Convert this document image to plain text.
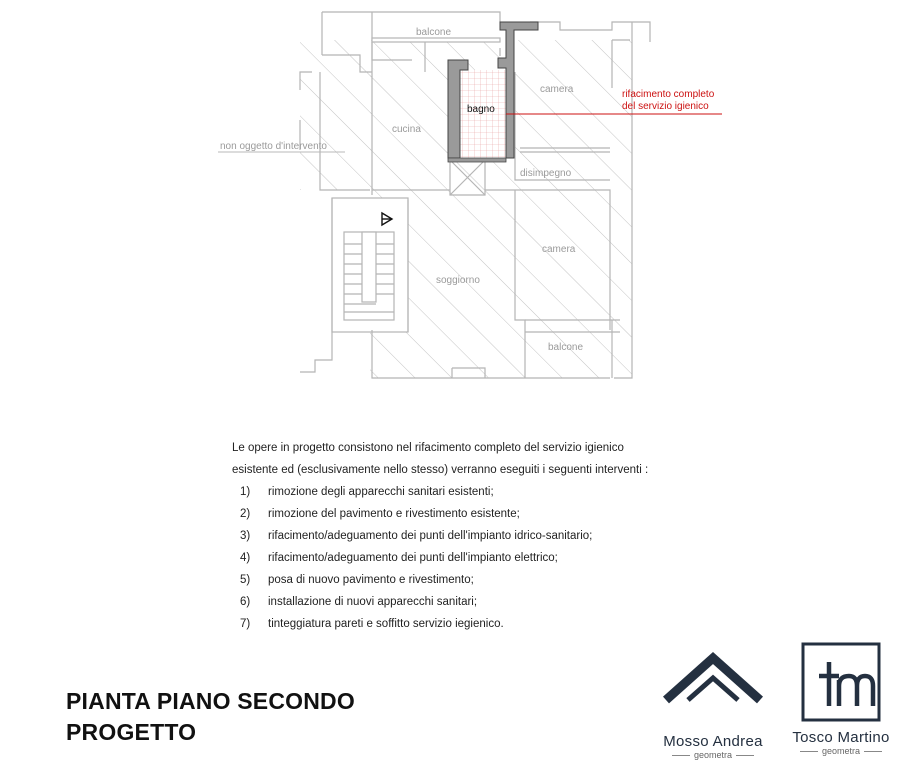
balcone
camera
cucina
disimpegno
camera
soggiorno
balcone
bagno
non oggetto d'intervento
rifacimento completo
del servizio igienico

Le opere in progetto consistono nel rifacimento completo del servizio igienico

esistente ed (esclusivamente nello stesso) verranno eseguiti i seguenti interventi :

1)	rimozione degli apparecchi sanitari esistenti;
2)	rimozione del pavimento e rivestimento esistente;
3)	rifacimento/adeguamento dei punti dell'impianto idrico-sanitario;
4)	rifacimento/adeguamento dei punti dell'impianto elettrico;
5)	posa di nuovo pavimento e rivestimento;
6)	installazione di nuovi apparecchi sanitari;
7)	tinteggiatura pareti e soffitto servizio iegienico.
PIANTA PIANO SECONDO
PROGETTO	Mosso Andrea
geometra
Tosco Martino
geometra
